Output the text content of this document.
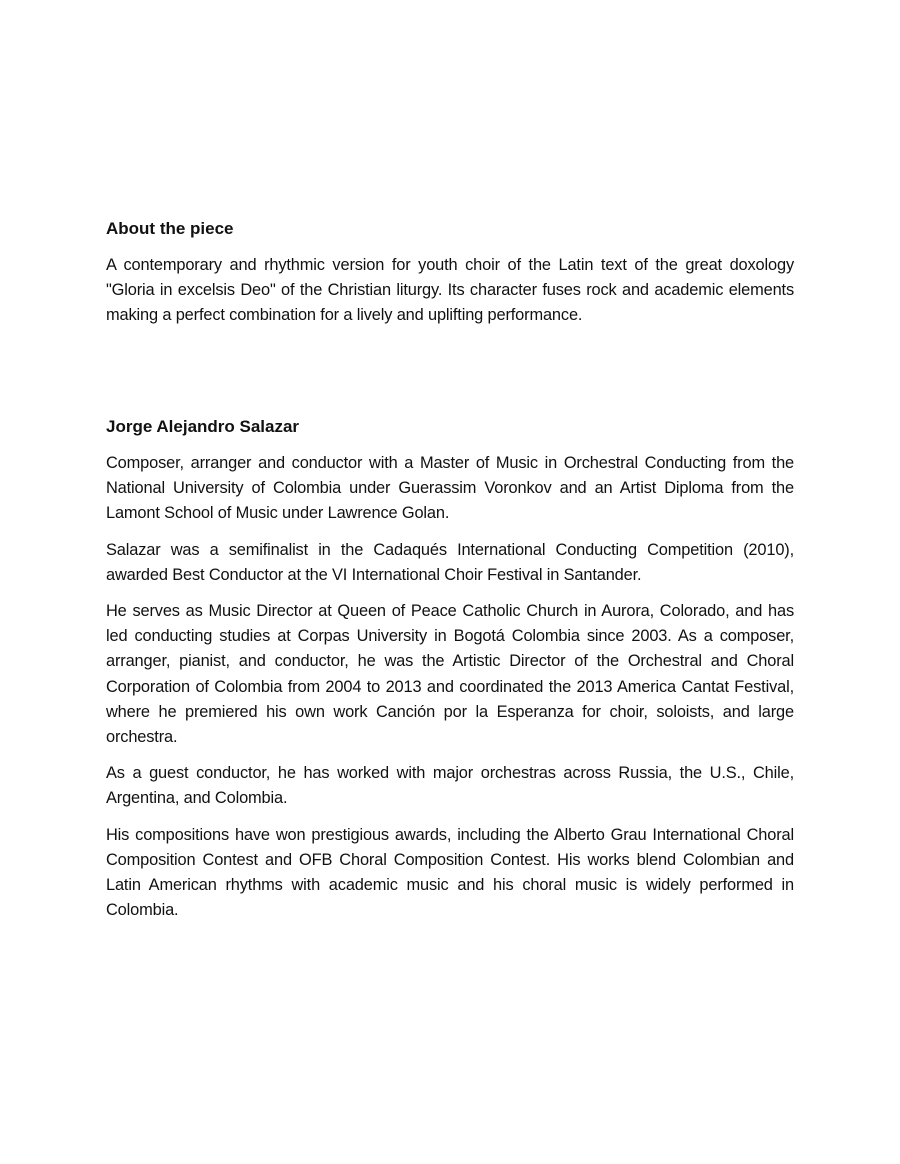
About the piece

A contemporary and rhythmic version for youth choir of the Latin text of the great doxology "Gloria in excelsis Deo" of the Christian liturgy. Its character fuses rock and academic elements making a perfect combination for a lively and uplifting performance.

Jorge Alejandro Salazar

Composer, arranger and conductor with a Master of Music in Orchestral Conducting from the National University of Colombia under Guerassim Voronkov and an Artist Diploma from the Lamont School of Music under Lawrence Golan.

Salazar was a semifinalist in the Cadaqués International Conducting Competition (2010), awarded Best Conductor at the VI International Choir Festival in Santander.

He serves as Music Director at Queen of Peace Catholic Church in Aurora, Colorado, and has led conducting studies at Corpas University in Bogotá Colombia since 2003. As a composer, arranger, pianist, and conductor, he was the Artistic Director of the Orchestral and Choral Corporation of Colombia from 2004 to 2013 and coordinated the 2013 America Cantat Festival, where he premiered his own work Canción por la Esperanza for choir, soloists, and large orchestra.

As a guest conductor, he has worked with major orchestras across Russia, the U.S., Chile, Argentina, and Colombia.

His compositions have won prestigious awards, including the Alberto Grau International Choral Composition Contest and OFB Choral Composition Contest. His works blend Colombian and Latin American rhythms with academic music and his choral music is widely performed in Colombia.
